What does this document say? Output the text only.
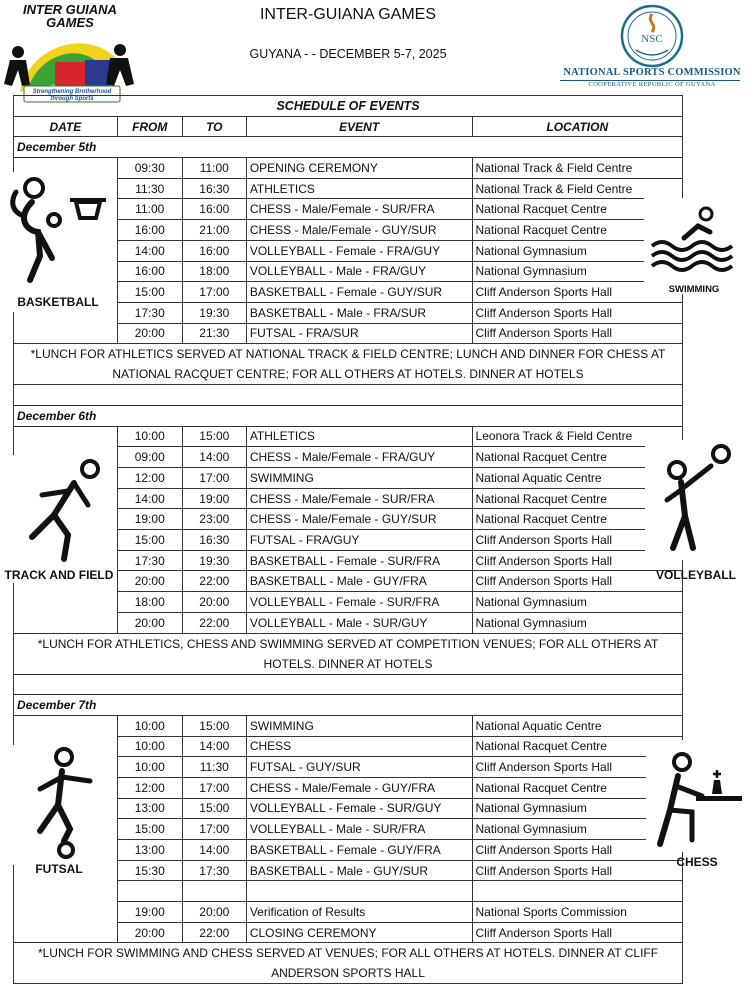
INTER GUIANA
GAMES
Strengthening Brotherhood
through Sports
INTER-GUIANA GAMES
GUYANA - - DECEMBER 5-7, 2025
NSC
NATIONAL SPORTS COMMISSION
COOPERATIVE REPUBLIC OF GUYANA
SCHEDULE OF EVENTS				
DATE	FROM	TO	EVENT	LOCATION
December 5th				
	09:30	11:00	OPENING CEREMONY	National Track & Field Centre
	11:30	16:30	ATHLETICS	National Track & Field Centre
	11:00	16:00	CHESS - Male/Female - SUR/FRA	National Racquet Centre
	16:00	21:00	CHESS - Male/Female - GUY/SUR	National Racquet Centre
	14:00	16:00	VOLLEYBALL - Female - FRA/GUY	National Gymnasium
	16:00	18:00	VOLLEYBALL - Male - FRA/GUY	National Gymnasium
	15:00	17:00	BASKETBALL - Female - GUY/SUR	Cliff Anderson Sports Hall
	17:30	19:30	BASKETBALL - Male - FRA/SUR	Cliff Anderson Sports Hall
	20:00	21:30	FUTSAL - FRA/SUR	Cliff Anderson Sports Hall
*LUNCH FOR ATHLETICS SERVED AT NATIONAL TRACK & FIELD CENTRE; LUNCH AND DINNER FOR CHESS AT NATIONAL RACQUET CENTRE; FOR ALL OTHERS AT HOTELS. DINNER AT HOTELS				

December 6th				
	10:00	15:00	ATHLETICS	Leonora Track & Field Centre
	09:00	14:00	CHESS - Male/Female - FRA/GUY	National Racquet Centre
	12:00	17:00	SWIMMING	National Aquatic Centre
	14:00	19:00	CHESS - Male/Female - SUR/FRA	National Racquet Centre
	19:00	23:00	CHESS - Male/Female - GUY/SUR	National Racquet Centre
	15:00	16:30	FUTSAL - FRA/GUY	Cliff Anderson Sports Hall
	17:30	19:30	BASKETBALL - Female - SUR/FRA	Cliff Anderson Sports Hall
	20:00	22:00	BASKETBALL - Male - GUY/FRA	Cliff Anderson Sports Hall
	18:00	20:00	VOLLEYBALL - Female - SUR/FRA	National Gymnasium
	20:00	22:00	VOLLEYBALL - Male - SUR/GUY	National Gymnasium
*LUNCH FOR ATHLETICS, CHESS AND SWIMMING SERVED AT COMPETITION VENUES; FOR ALL OTHERS AT HOTELS. DINNER AT HOTELS				

December 7th				
	10:00	15:00	SWIMMING	National Aquatic Centre
	10:00	14:00	CHESS	National Racquet Centre
	10:00	11:30	FUTSAL - GUY/SUR	Cliff Anderson Sports Hall
	12:00	17:00	CHESS - Male/Female - GUY/FRA	National Racquet Centre
	13:00	15:00	VOLLEYBALL - Female - SUR/GUY	National Gymnasium
	15:00	17:00	VOLLEYBALL - Male - SUR/FRA	National Gymnasium
	13:00	14:00	BASKETBALL - Female - GUY/FRA	Cliff Anderson Sports Hall
	15:30	17:30	BASKETBALL - Male - GUY/SUR	Cliff Anderson Sports Hall

	19:00	20:00	Verification of Results	National Sports Commission
	20:00	22:00	CLOSING CEREMONY	Cliff Anderson Sports Hall
*LUNCH FOR SWIMMING AND CHESS SERVED AT VENUES; FOR ALL OTHERS AT HOTELS. DINNER AT CLIFF ANDERSON SPORTS HALL				
BASKETBALL
SWIMMING
TRACK AND FIELD	VOLLEYBALL
FUTSAL	CHESS
